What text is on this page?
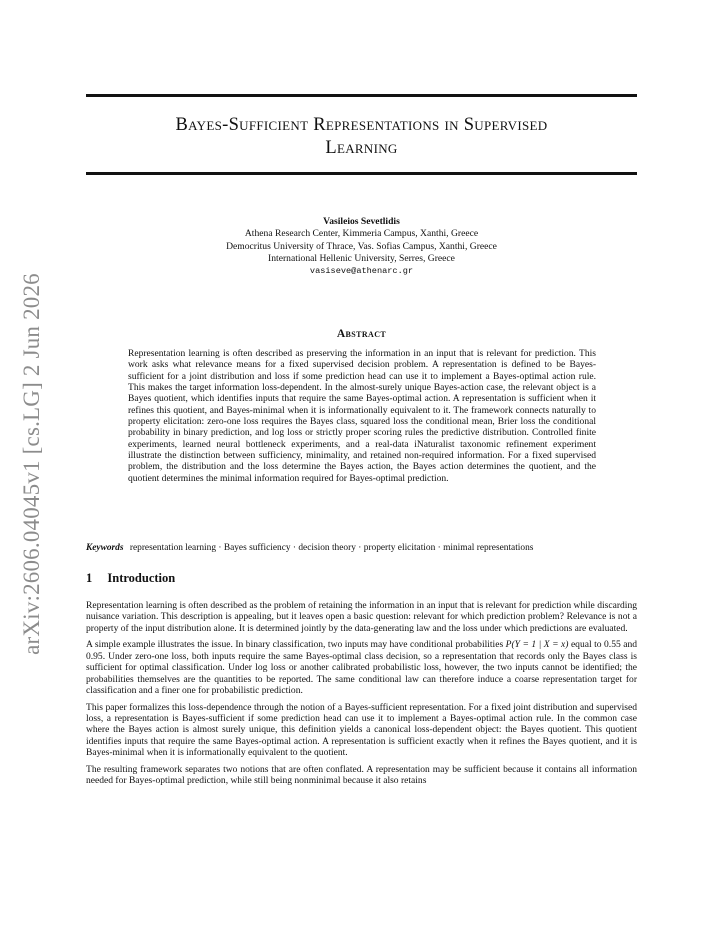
arXiv:2606.04045v1 [cs.LG] 2 Jun 2026
Bayes-Sufficient Representations in Supervised
Learning
Vasileios Sevetlidis
Athena Research Center, Kimmeria Campus, Xanthi, Greece
Democritus University of Thrace, Vas. Sofias Campus, Xanthi, Greece
International Hellenic University, Serres, Greece
vasiseve@athenarc.gr
Abstract
Representation learning is often described as preserving the information in an input that is relevant for prediction. This work asks what relevance means for a fixed supervised decision problem. A representation is defined to be Bayes-sufficient for a joint distribution and loss if some prediction head can use it to implement a Bayes-optimal action rule. This makes the target information loss-dependent. In the almost-surely unique Bayes-action case, the relevant object is a Bayes quotient, which identifies inputs that require the same Bayes-optimal action. A representation is sufficient when it refines this quotient, and Bayes-minimal when it is informationally equivalent to it. The framework connects naturally to property elicitation: zero-one loss requires the Bayes class, squared loss the conditional mean, Brier loss the conditional probability in binary prediction, and log loss or strictly proper scoring rules the predictive distribution. Controlled finite experiments, learned neural bottleneck experiments, and a real-data iNaturalist taxonomic refinement experiment illustrate the distinction between sufficiency, minimality, and retained non-required information. For a fixed supervised problem, the distribution and the loss determine the Bayes action, the Bayes action determines the quotient, and the quotient determines the minimal information required for Bayes-optimal prediction.
Keywords representation learning · Bayes sufficiency · decision theory · property elicitation · minimal representations
1 Introduction

Representation learning is often described as the problem of retaining the information in an input that is relevant for prediction while discarding nuisance variation. This description is appealing, but it leaves open a basic question: relevant for which prediction problem? Relevance is not a property of the input distribution alone. It is determined jointly by the data-generating law and the loss under which predictions are evaluated.

A simple example illustrates the issue. In binary classification, two inputs may have conditional probabilities P(Y = 1 | X = x) equal to 0.55 and 0.95. Under zero-one loss, both inputs require the same Bayes-optimal class decision, so a representation that records only the Bayes class is sufficient for optimal classification. Under log loss or another calibrated probabilistic loss, however, the two inputs cannot be identified; the probabilities themselves are the quantities to be reported. The same conditional law can therefore induce a coarse representation target for classification and a finer one for probabilistic prediction.

This paper formalizes this loss-dependence through the notion of a Bayes-sufficient representation. For a fixed joint distribution and supervised loss, a representation is Bayes-sufficient if some prediction head can use it to implement a Bayes-optimal action rule. In the common case where the Bayes action is almost surely unique, this definition yields a canonical loss-dependent object: the Bayes quotient. This quotient identifies inputs that require the same Bayes-optimal action. A representation is sufficient exactly when it refines the Bayes quotient, and it is Bayes-minimal when it is informationally equivalent to the quotient.

The resulting framework separates two notions that are often conflated. A representation may be sufficient because it contains all information needed for Bayes-optimal prediction, while still being nonminimal because it also retains
